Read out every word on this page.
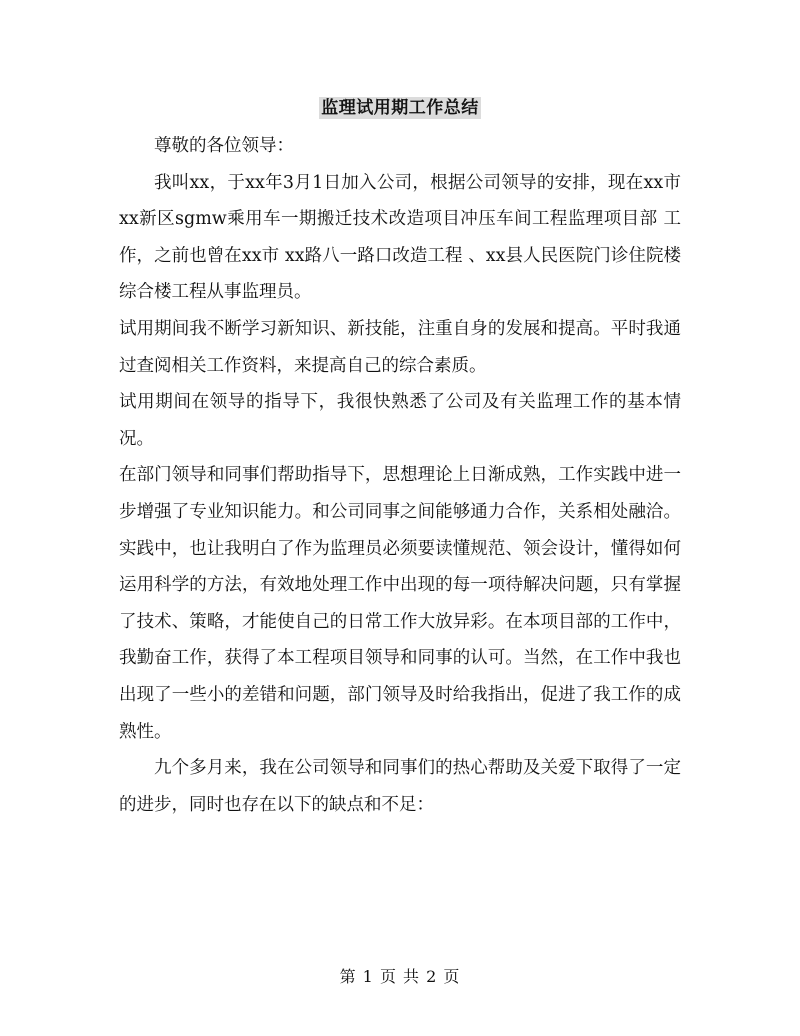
监理试用期工作总结

尊敬的各位领导：

我叫xx，于xx年3月1日加入公司，根据公司领导的安排，现在xx市xx新区sgmw乘用车一期搬迁技术改造项目冲压车间工程监理项目部 工作，之前也曾在xx市 xx路八一路口改造工程 、xx县人民医院门诊住院楼综合楼工程从事监理员。

试用期间我不断学习新知识、新技能，注重自身的发展和提高。平时我通过查阅相关工作资料，来提高自己的综合素质。

试用期间在领导的指导下，我很快熟悉了公司及有关监理工作的基本情况。

在部门领导和同事们帮助指导下，思想理论上日渐成熟，工作实践中进一步增强了专业知识能力。和公司同事之间能够通力合作，关系相处融洽。实践中，也让我明白了作为监理员必须要读懂规范、领会设计，懂得如何运用科学的方法，有效地处理工作中出现的每一项待解决问题，只有掌握了技术、策略，才能使自己的日常工作大放异彩。在本项目部的工作中，我勤奋工作，获得了本工程项目领导和同事的认可。当然，在工作中我也出现了一些小的差错和问题，部门领导及时给我指出，促进了我工作的成熟性。

九个多月来，我在公司领导和同事们的热心帮助及关爱下取得了一定的进步，同时也存在以下的缺点和不足：

第 1 页 共 2 页
